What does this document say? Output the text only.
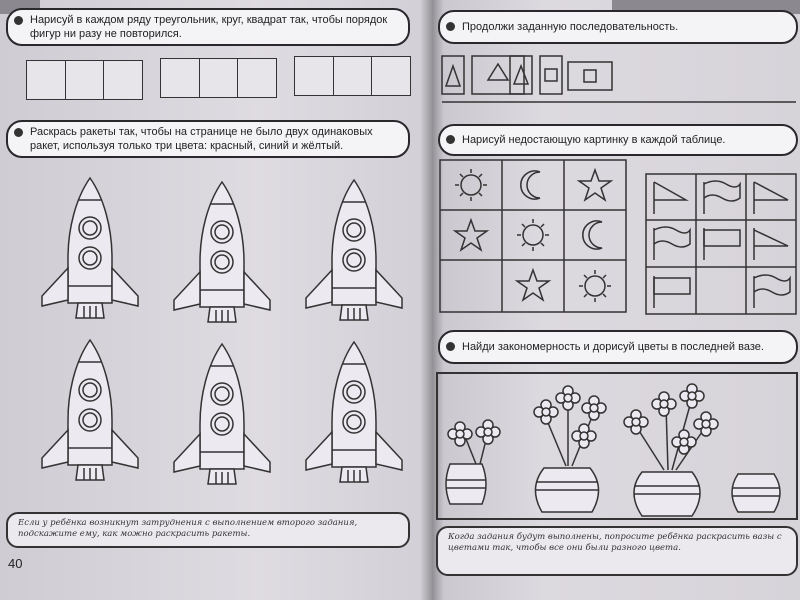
Нарисуй в каждом ряду треугольник, круг, квадрат так, чтобы порядок фигур ни разу не повторился.
Раскрась ракеты так, чтобы на странице не было двух одинаковых ракет, используя только три цвета: красный, синий и жёлтый.
Если у ребёнка возникнут затруднения с выполнением второго задания, подскажите ему, как можно раскрасить ракеты.
40
Продолжи заданную последовательность.
Нарисуй недостающую картинку в каждой таблице.
Найди закономерность и дорисуй цветы в последней вазе.
Когда задания будут выполнены, попросите ребёнка раскрасить вазы с цветами так, чтобы все они были разного цвета.
